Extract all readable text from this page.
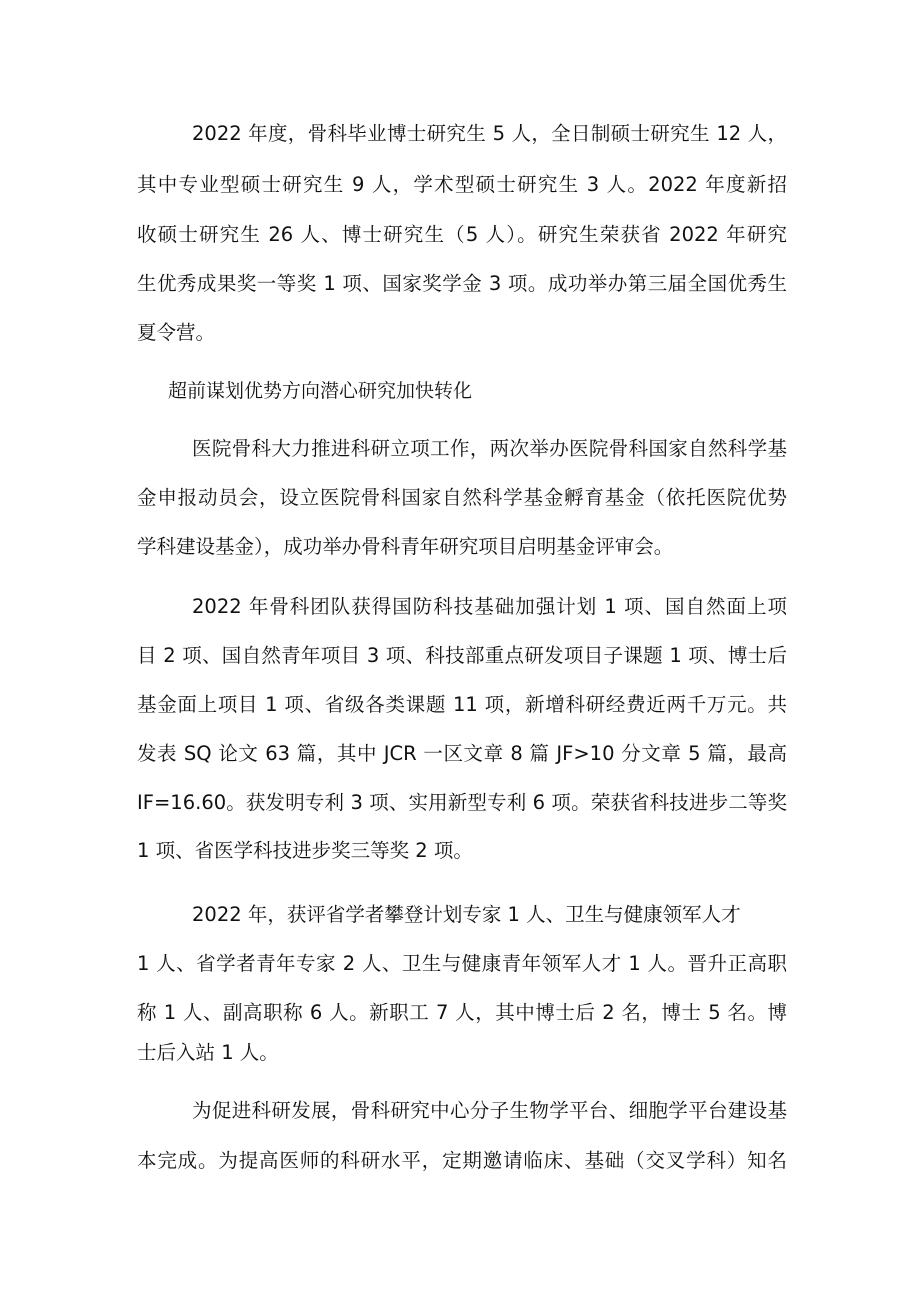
2022 年度，骨科毕业博士研究生 5 人，全日制硕士研究生 12 人，
其中专业型硕士研究生 9 人，学术型硕士研究生 3 人。2022 年度新招
收硕士研究生 26 人、博士研究生（5 人）。研究生荣获省 2022 年研究
生优秀成果奖一等奖 1 项、国家奖学金 3 项。成功举办第三届全国优秀生
夏令营。
超前谋划优势方向潜心研究加快转化
医院骨科大力推进科研立项工作，两次举办医院骨科国家自然科学基
金申报动员会，设立医院骨科国家自然科学基金孵育基金（依托医院优势
学科建设基金），成功举办骨科青年研究项目启明基金评审会。
2022 年骨科团队获得国防科技基础加强计划 1 项、国自然面上项
目 2 项、国自然青年项目 3 项、科技部重点研发项目子课题 1 项、博士后
基金面上项目 1 项、省级各类课题 11 项，新增科研经费近两千万元。共
发表 SQ 论文 63 篇，其中 JCR 一区文章 8 篇 JF>10 分文章 5 篇，最高
IF=16.60。获发明专利 3 项、实用新型专利 6 项。荣获省科技进步二等奖
1 项、省医学科技进步奖三等奖 2 项。
2022 年，获评省学者攀登计划专家 1 人、卫生与健康领军人才
1 人、省学者青年专家 2 人、卫生与健康青年领军人才 1 人。晋升正高职
称 1 人、副高职称 6 人。新职工 7 人，其中博士后 2 名，博士 5 名。博
士后入站 1 人。
为促进科研发展，骨科研究中心分子生物学平台、细胞学平台建设基
本完成。为提高医师的科研水平，定期邀请临床、基础（交叉学科）知名
